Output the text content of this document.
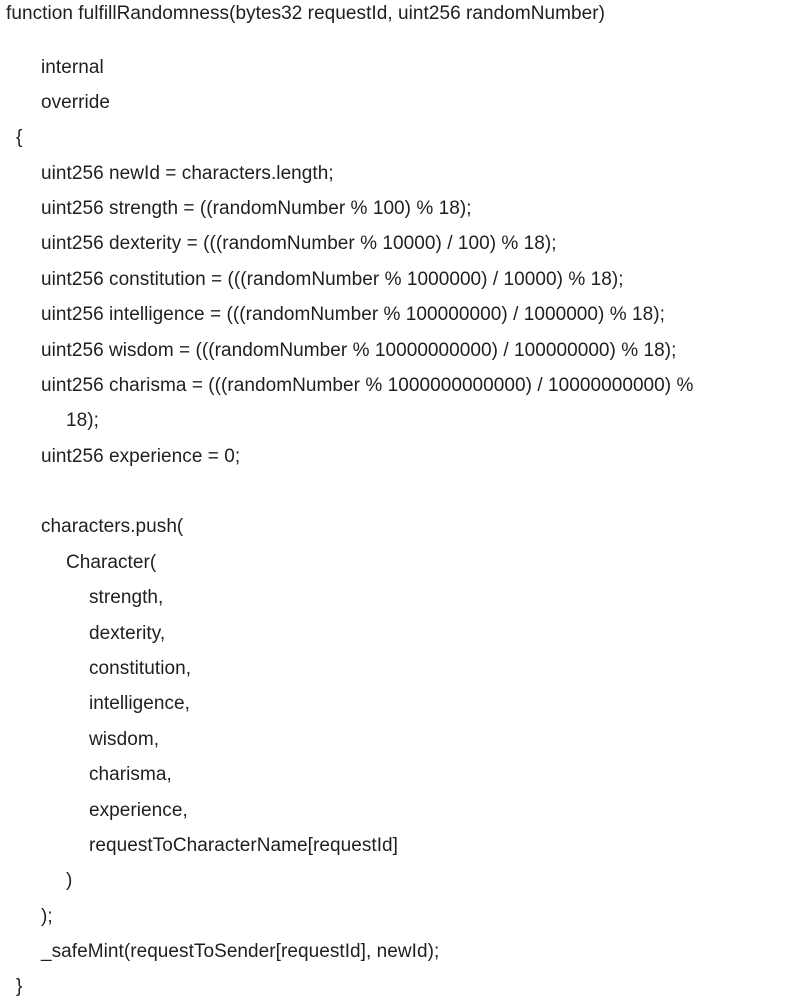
function fulfillRandomness(bytes32 requestId, uint256 randomNumber)
internal
override
{
uint256 newId = characters.length;
uint256 strength = ((randomNumber % 100) % 18);
uint256 dexterity = (((randomNumber % 10000) / 100) % 18);
uint256 constitution = (((randomNumber % 1000000) / 10000) % 18);
uint256 intelligence = (((randomNumber % 100000000) / 1000000) % 18);
uint256 wisdom = (((randomNumber % 10000000000) / 100000000) % 18);
uint256 charisma = (((randomNumber % 1000000000000) / 10000000000) %
18);
uint256 experience = 0;
characters.push(
Character(
strength,
dexterity,
constitution,
intelligence,
wisdom,
charisma,
experience,
requestToCharacterName[requestId]
)
);
_safeMint(requestToSender[requestId], newId);
}
